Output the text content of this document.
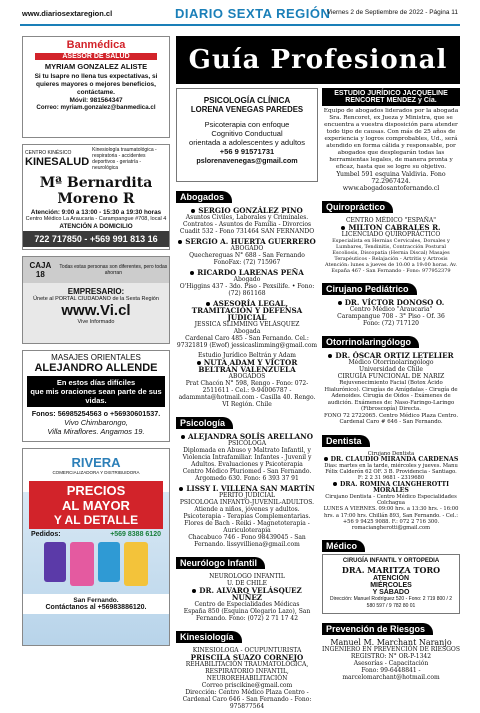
www.diariosextaregion.cl	DIARIO SEXTA REGIÓN
Viernes 2 de Septiembre de 2022 - Página 11
Banmédica
ASESOR DE SALUD
MYRIAM GONZALEZ ALISTE
Si tu Isapre no llena tus expectativas, si quieres mayores o mejores beneficios, contáctame.
Móvil: 981564347
Correo: myriam.gonzalez@banmedica.cl
CENTRO KINÉSICO
KINESALUD
Kinesiología traumatológica - respiratoria - accidentes deportivos - geriatría - neurológica
Mª Bernardita Moreno R
Atención: 9:00 a 13:00 - 15:30 a 19:30 horas
Centro Médico La Araucaria - Carampangue #708, local 4
ATENCIÓN A DOMICILIO
722 717850 - +569 991 813 16
CAJA 18
Todas estas personas son diferentes, pero todas ahorran
EMPRESARIO:
Únete al PORTAL CIUDADANO de la Sexta Región
www.Vi.cl
Vive Informado
MASAJES ORIENTALES
ALEJANDRO ALLENDE
En estos días difíciles
que mis oraciones sean parte de sus vidas.
Fonos: 56985254563 o +56930601537.
Vivo Chimbarongo,
Villa Miraflores. Angamos 19.
RIVERA
COMERCIALIZADORA Y DISTRIBUIDORA
PRECIOS
AL MAYOR
Y AL DETALLE
Pedidos:	+569 8388 6120
San Fernando.
Contáctanos al +56983886120.
Guía Profesional
PSICOLOGÍA CLÍNICA
LORENA VENEGAS PAREDES
Psicoterapia con enfoque
Cognitivo Conductual
orientada a adolescentes y adultos
+56 9 91571731
pslorenavenegas@gmail.com
Abogados
SERGIO GONZÁLEZ PINO
Asuntos Civiles, Laborales y Criminales.
Contratos - Asuntos de Familia - Divorcios
Cuadit 532 - Fono 731464 SAN FERNANDO
SERGIO A. HUERTA GUERRERO
ABOGADO
Quechereguas N° 688 - San Fernando
FonoFax: (72) 715967
RICARDO LARENAS PEÑA
Abogado
O'Higgins 437 - 3do. Piso - Pexsilife. • Fono: (72) 861168
ASESORÍA LEGAL, TRAMITACIÓN Y DEFENSA JUDICIAL
JESSICA SLIMMING VELÁSQUEZ
Abogada
Cardenal Caro 485 - San Fernando. Cel.: 97321819 (Ewof) jessicaslimming@gmail.com
Estudio Jurídico Beltrán y Adam
NUTA ADAM Y VÍCTOR BELTRÁN VALENZUELA
ABOGADOS
Prat Chacón N° 598, Rengo - Fono: 072-2511611 - Cel.: 9-94006787 - adammnta@hotmail.com - Casilla 40. Rengo. VI Región. Chile
Psicología
ALEJANDRA SOLÍS ARELLANO
PSICÓLOGA
Diplomada en Abuso y Maltrato Infantil, y Violencia Intrafamiliar. Infantes - Juvenil y Adultos. Evaluaciones y Psicoterapia
Centro Médico Pluriomed - San Fernando. Argomedo 630. Fono: 6 393 37 91
LISSY I. VILLENA SAN MARTÍN
PERITO JUDICIAL
PSICOLOGA INFANTO-JUVENIL-ADULTOS. Atiende a niños, jóvenes y adultos. Psicoterapia - Terapias Complementarias. Flores de Bach - Reiki - Magnetoterapia - Auriculoterapia
Chacabuco 746 - Fono 98439045 - San Fernando. lissyvilliena@gmail.com
Neurólogo Infantil
NEUROLOGO INFANTIL
U. DE CHILE
DR. ALVARO VELÁSQUEZ NUÑEZ
Centro de Especialidades Médicas
España 850 (Esquina Olegario Lazo), San Fernando. Fono: (072) 2 71 17 42
Kinesiología
KINESIOLOGA - OCUPUNTURISTA
PRISCILA SUAZO CORNEJO
REHABILITACIÓN TRAUMATOLÓGICA, RESPIRATORIO INFANTIL, NEUROREHABILITACIÓN
Correo priscikine@gmail.com
Dirección: Centro Médico Plaza Centro - Cardenal Caro 646 - San Fernando - Fono: 975877564
ESTUDIO JURÍDICO JACQUELINE
RENCORET MENDEZ y Cía.
Equipo de abogados liderados por la abogada Sra. Rencoret, ex Jueza y Ministra, que se encuentra a vuestra disposición para atender todo tipo de causas. Con más de 25 años de experiencia y logros comprobables, Ud., será atendido en forma cálida y responsable, por abogados que desplegarán todas las herramientas legales, de manera pronta y eficaz, hasta que se logre su objetivo.
Yumbel 591 esquina Valdivia. Fono 72.2967424.
www.abogadosantofernando.cl
Quiropráctico
CENTRO MÉDICO "ESPAÑA"
MILTON CABRALES R.
LICENCIADO QUIROPRÁCTICO
Especialista en Hernias Cervicales, Dorsales y Lumbares, Tendinitis, Contracción Postural Escoliosis, Discopatía (Hernia Discal) Masajes Terapéuticos - Relajación - Artritis y Artrosis
Atención: lunes a jueves de 10:00 a 19:00 horas. Av. España 467 - San Fernando - Fono: 977952379
Cirujano Pediátrico
DR. VÍCTOR DONOSO O.
Centro Médico "Araucaria"
Carampangue 708 - 3° Piso - Of. 36
Fono: (72) 717120
Otorrinolaringólogo
DR. ÓSCAR ORTIZ LETELIER
Médico Otorrinolaringólogo
Universidad de Chile
CIRUGÍA FUNCIONAL DE NARIZ
Rejuvenecimiento Facial (Botox Ácido Hialurónico). Cirugías de Amígdalas - Cirugía de Adenoides. Cirugía de Oídos - Exámenes de audición. Exámenes de: Naso-Faringo-Laringo (Fibroscopía) Directa.
FONO 72 2722065. Centro Médico Plaza Centro. Cardenal Caro # 646 - San Fernando.
Dentista
Cirujano Dentista
DR. CLAUDIO MIRANDA CARDENAS
Dias: martes en la tarde, miércoles y jueves. Manu Félix Calderón 62 OF. 3 B. Providencia - Santiago. F: 2 2 31 9681 - 2319680
DRA. ROMINA CIANGHEROTTI MORALES
Cirujano Dentista - Centro Médico Especialidades Colchagua
LUNES A VIERNES. 09:00 hrs. a 13:30 hrs. - 16:00 hrs. a 17:00 hrs. Chillán 893, San Fernando. - Cel.: +56 9 9425 9088. F.: 072 2 716 300. romaciangherotti@gmail.com
Médico
CIRUGÍA INFANTIL Y ORTOPEDIA
DRA. MARITZA TORO
ATENCIÓN
MIÉRCOLES
Y SÁBADO
Dirección: Manuel Rodríguez 520 - Fono: 2 719 800 / 2 580 597 / 9 782 80 01
Prevención de Riesgos
Manuel M. Marchant Naranjo
INGENIERO EN PREVENCIÓN DE RIESGOS
REGISTRO: N° OR-P-1342
Asesorías - Capacitación
Fono: 99-6448841 - marcelomarchant@hotmail.com
